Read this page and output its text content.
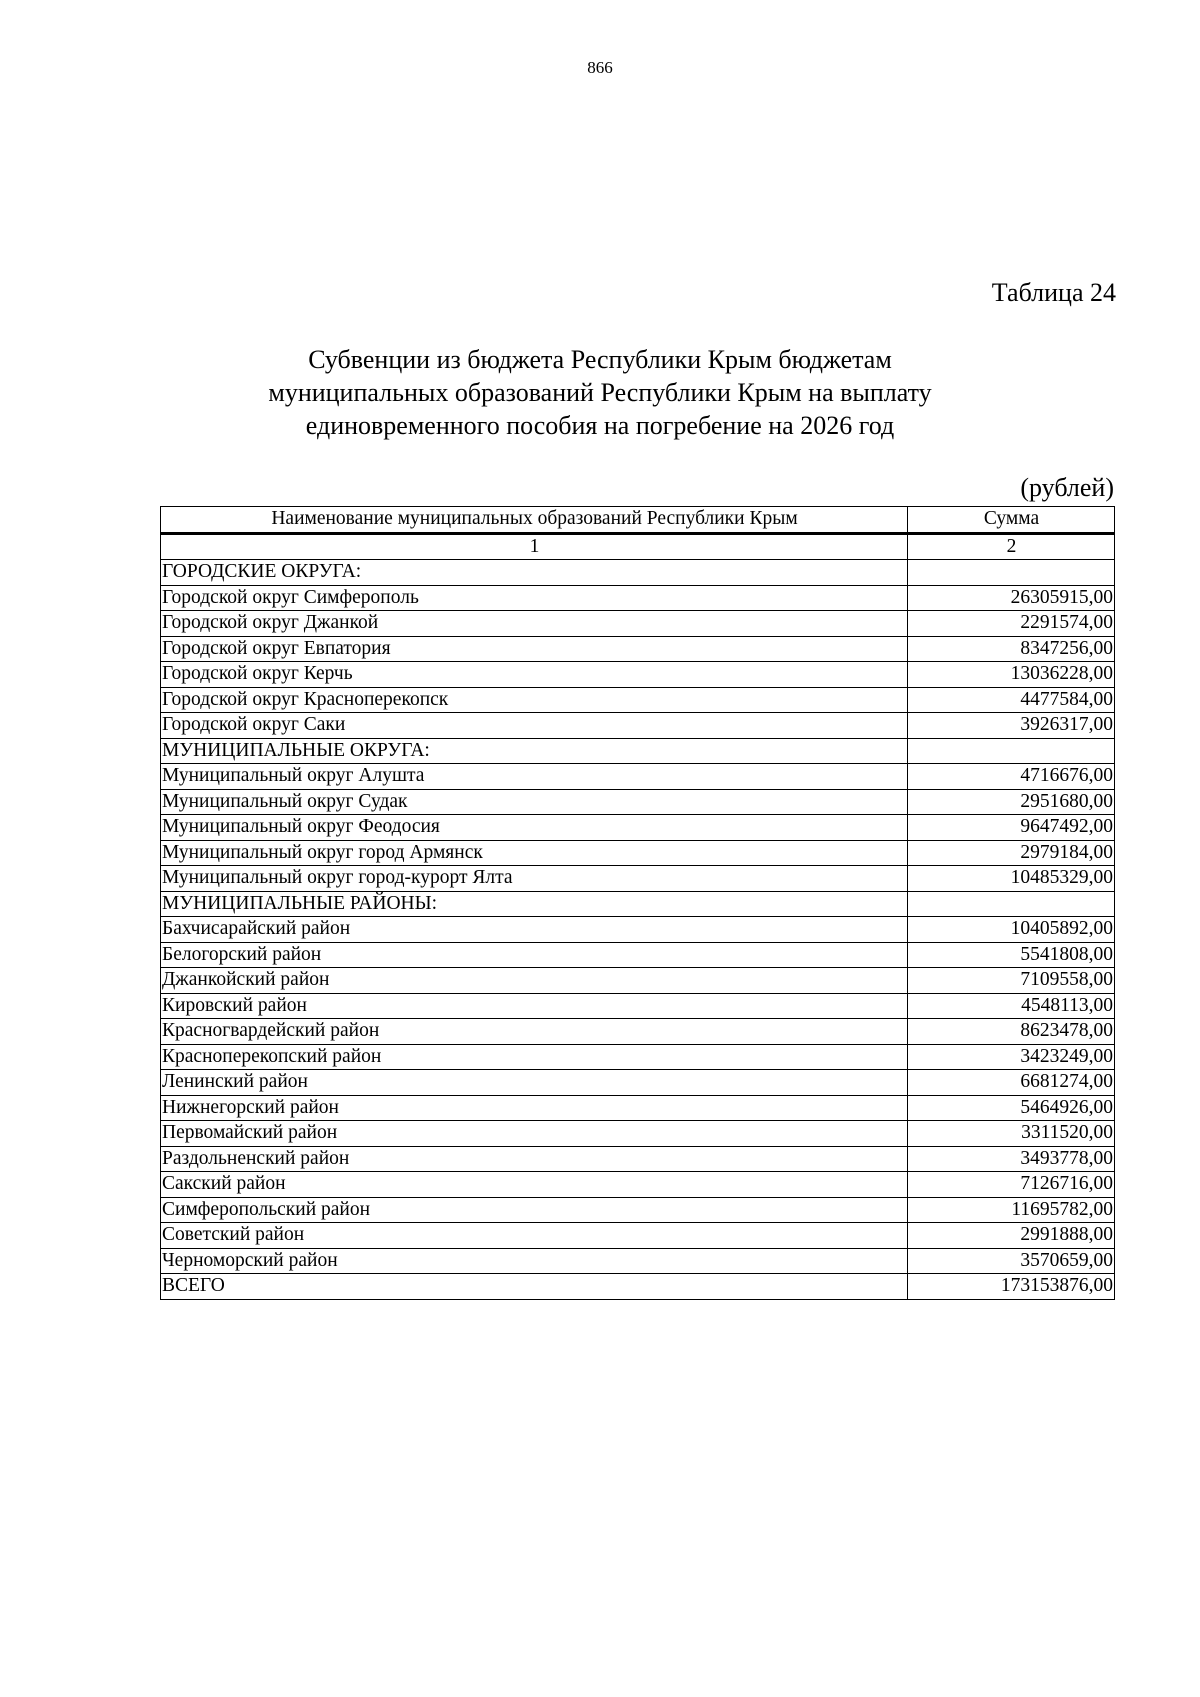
866
Таблица 24
Субвенции из бюджета Республики Крым бюджетам
муниципальных образований Республики Крым на выплату
единовременного пособия на погребение на 2026 год
(рублей)
Наименование муниципальных образований Республики Крым	Сумма
1	2
ГОРОДСКИЕ ОКРУГА:	
Городской округ Симферополь	26305915,00
Городской округ Джанкой	2291574,00
Городской округ Евпатория	8347256,00
Городской округ Керчь	13036228,00
Городской округ Красноперекопск	4477584,00
Городской округ Саки	3926317,00
МУНИЦИПАЛЬНЫЕ ОКРУГА:	
Муниципальный округ Алушта	4716676,00
Муниципальный округ Судак	2951680,00
Муниципальный округ Феодосия	9647492,00
Муниципальный округ город Армянск	2979184,00
Муниципальный округ город-курорт Ялта	10485329,00
МУНИЦИПАЛЬНЫЕ РАЙОНЫ:	
Бахчисарайский район	10405892,00
Белогорский район	5541808,00
Джанкойский район	7109558,00
Кировский район	4548113,00
Красногвардейский район	8623478,00
Красноперекопский район	3423249,00
Ленинский район	6681274,00
Нижнегорский район	5464926,00
Первомайский район	3311520,00
Раздольненский район	3493778,00
Сакский район	7126716,00
Симферопольский район	11695782,00
Советский район	2991888,00
Черноморский район	3570659,00
ВСЕГО	173153876,00
